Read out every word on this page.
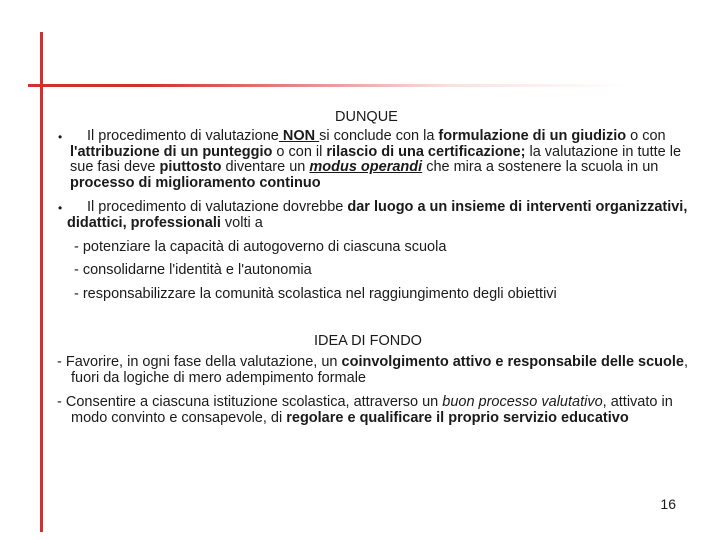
DUNQUE
•	Il procedimento di valutazione NON si conclude con la formulazione di un giudizio o con l'attribuzione di un punteggio o con il rilascio di una certificazione; la valutazione in tutte le sue fasi deve piuttosto diventare un modus operandi che mira a sostenere la scuola in un processo di miglioramento continuo
•	Il procedimento di valutazione dovrebbe dar luogo a un insieme di interventi organizzativi, didattici, professionali volti a
- potenziare la capacità di autogoverno di ciascuna scuola
- consolidarne l'identità e l'autonomia
- responsabilizzare la comunità scolastica nel raggiungimento degli obiettivi
IDEA DI FONDO
- Favorire, in ogni fase della valutazione, un coinvolgimento attivo e responsabile delle scuole, fuori da logiche di mero adempimento formale
- Consentire a ciascuna istituzione scolastica, attraverso un buon processo valutativo, attivato in modo convinto e consapevole, di regolare e qualificare il proprio servizio educativo
16
